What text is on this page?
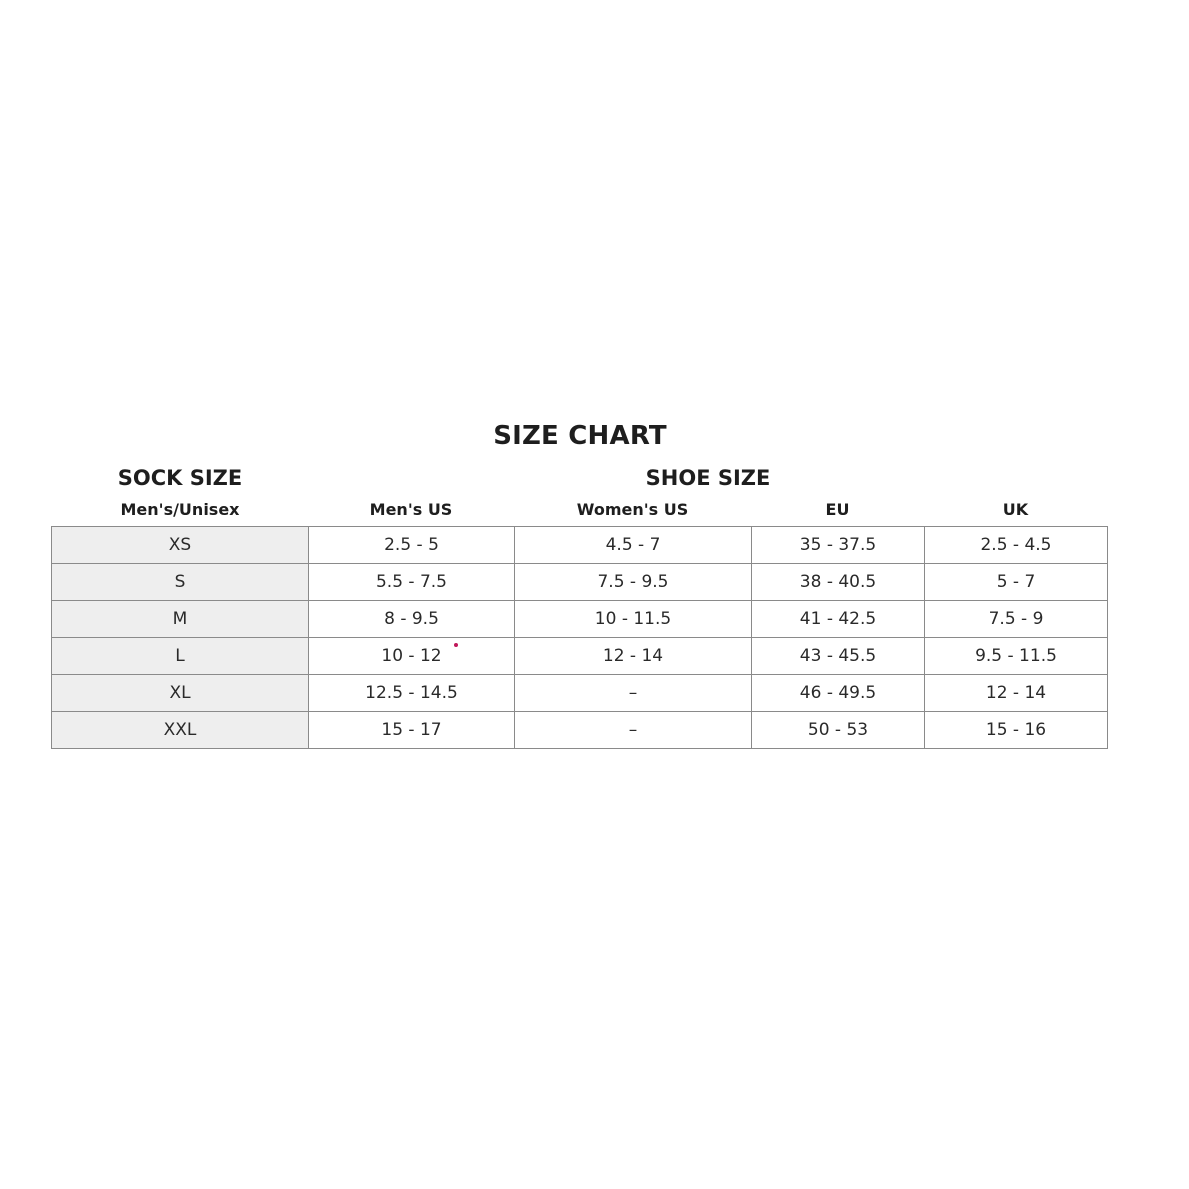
SIZE CHART
SOCK SIZE	SHOE SIZE
Men's/Unisex	Men's US	Women's US	EU	UK
XS	2.5 - 5	4.5 - 7	35 - 37.5	2.5 - 4.5
S	5.5 - 7.5	7.5 - 9.5	38 - 40.5	5 - 7
M	8 - 9.5	10 - 11.5	41 - 42.5	7.5 - 9
L	10 - 12	12 - 14	43 - 45.5	9.5 - 11.5
XL	12.5 - 14.5	–	46 - 49.5	12 - 14
XXL	15 - 17	–	50 - 53	15 - 16
